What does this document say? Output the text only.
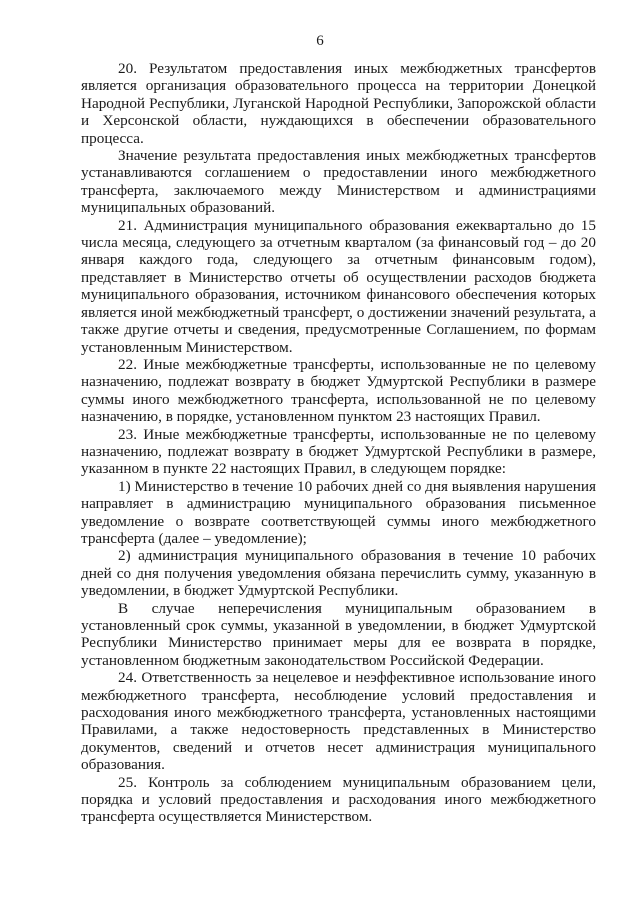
6

20. Результатом предоставления иных межбюджетных трансфертов является организация образовательного процесса на территории Донецкой Народной Республики, Луганской Народной Республики, Запорожской области и Херсонской области, нуждающихся в обеспечении образовательного процесса.

Значение результата предоставления иных межбюджетных трансфертов устанавливаются соглашением о предоставлении иного межбюджетного трансферта, заключаемого между Министерством и администрациями муниципальных образований.

21. Администрация муниципального образования ежеквартально до 15 числа месяца, следующего за отчетным кварталом (за финансовый год – до 20 января каждого года, следующего за отчетным финансовым годом), представляет в Министерство отчеты об осуществлении расходов бюджета муниципального образования, источником финансового обеспечения которых является иной межбюджетный трансферт, о достижении значений результата, а также другие отчеты и сведения, предусмотренные Соглашением, по формам установленным Министерством.

22. Иные межбюджетные трансферты, использованные не по целевому назначению, подлежат возврату в бюджет Удмуртской Республики в размере суммы иного межбюджетного трансферта, использованной не по целевому назначению, в порядке, установленном пунктом 23 настоящих Правил.

23. Иные межбюджетные трансферты, использованные не по целевому назначению, подлежат возврату в бюджет Удмуртской Республики в размере, указанном в пункте 22 настоящих Правил, в следующем порядке:

1) Министерство в течение 10 рабочих дней со дня выявления нарушения направляет в администрацию муниципального образования письменное уведомление о возврате соответствующей суммы иного межбюджетного трансферта (далее – уведомление);

2) администрация муниципального образования в течение 10 рабочих дней со дня получения уведомления обязана перечислить сумму, указанную в уведомлении, в бюджет Удмуртской Республики.

В случае неперечисления муниципальным образованием в установленный срок суммы, указанной в уведомлении, в бюджет Удмуртской Республики Министерство принимает меры для ее возврата в порядке, установленном бюджетным законодательством Российской Федерации.

24. Ответственность за нецелевое и неэффективное использование иного межбюджетного трансферта, несоблюдение условий предоставления и расходования иного межбюджетного трансферта, установленных настоящими Правилами, а также недостоверность представленных в Министерство документов, сведений и отчетов несет администрация муниципального образования.

25. Контроль за соблюдением муниципальным образованием цели, порядка и условий предоставления и расходования иного межбюджетного трансферта осуществляется Министерством.
